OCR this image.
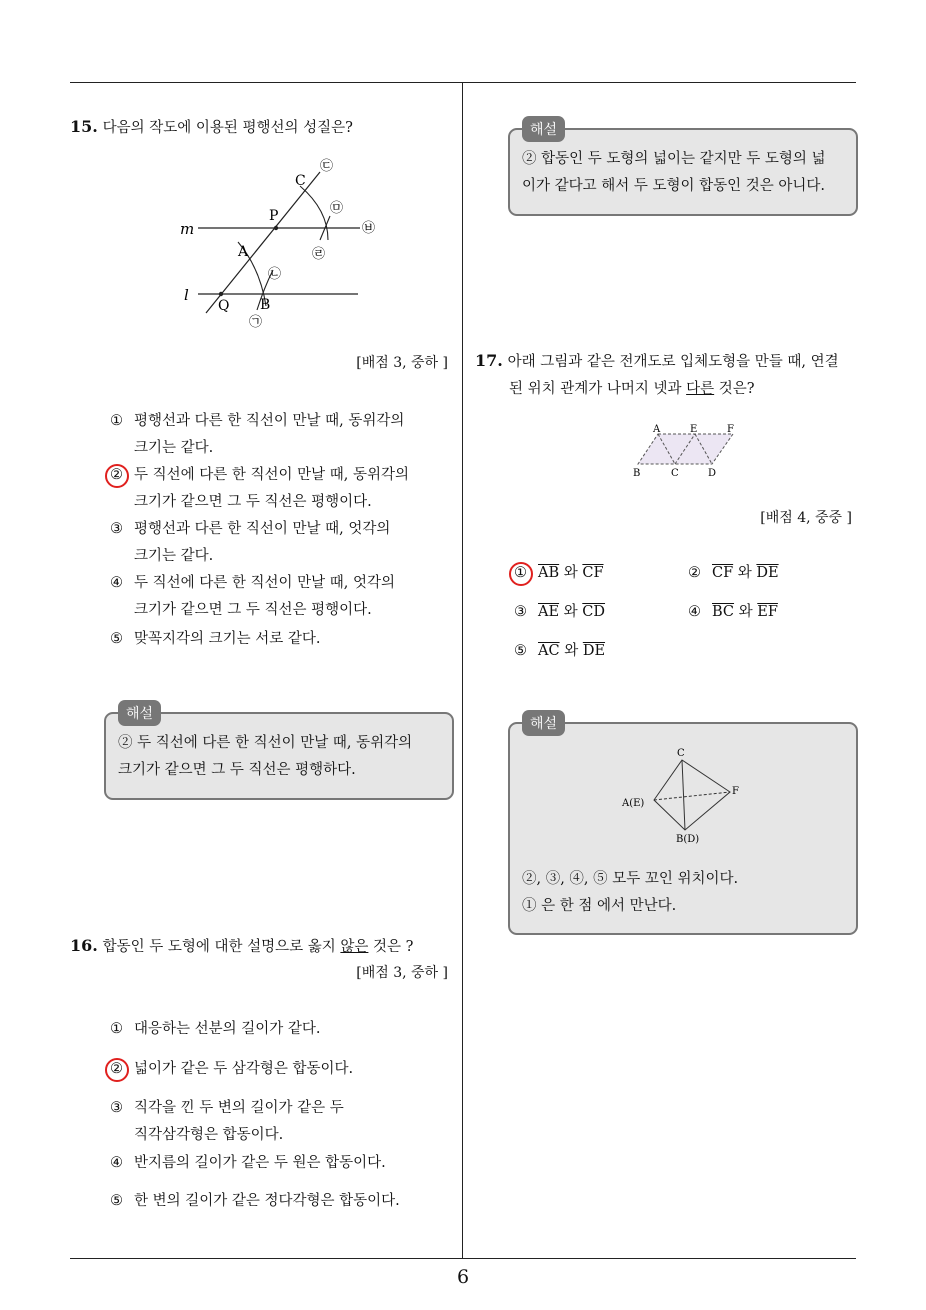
15. 다음의 작도에 이용된 평행선의 성질은?
m
l
P
C
A
Q B
㉢
㉤
㉥
㉣
㉡
㉠
[배점 3, 중하 ]
① 평행선과 다른 한 직선이 만날 때, 동위각의
크기는 같다.
② 두 직선에 다른 한 직선이 만날 때, 동위각의
크기가 같으면 그 두 직선은 평행이다.
③ 평행선과 다른 한 직선이 만날 때, 엇각의
크기는 같다.
④ 두 직선에 다른 한 직선이 만날 때, 엇각의
크기가 같으면 그 두 직선은 평행이다.
⑤ 맞꼭지각의 크기는 서로 같다.
해설
② 두 직선에 다른 한 직선이 만날 때, 동위각의
크기가 같으면 그 두 직선은 평행하다.
16. 합동인 두 도형에 대한 설명으로 옳지 않은 것은 ?
[배점 3, 중하 ]
① 대응하는 선분의 길이가 같다.
② 넓이가 같은 두 삼각형은 합동이다.
③ 직각을 낀 두 변의 길이가 같은 두
직각삼각형은 합동이다.
④ 반지름의 길이가 같은 두 원은 합동이다.
⑤ 한 변의 길이가 같은 정다각형은 합동이다.
해설
② 합동인 두 도형의 넓이는 같지만 두 도형의 넓
이가 같다고 해서 두 도형이 합동인 것은 아니다.
17. 아래 그림과 같은 전개도로 입체도형을 만들 때, 연결
된 위치 관계가 나머지 넷과 다른 것은?
A	E	F
B	C	D
[배점 4, 중중 ]
① $\overline{AB}$ 와 $\overline{CF}$	② $\overline{CF}$ 와 $\overline{DE}$
③ $\overline{AE}$ 와 $\overline{CD}$	④ $\overline{BC}$ 와 $\overline{EF}$
⑤ $\overline{AC}$ 와 $\overline{DE}$
해설
C
A(E)
F
B(D)
②, ③, ④, ⑤ 모두 꼬인 위치이다.
① 은 한 점 에서 만난다.
6
